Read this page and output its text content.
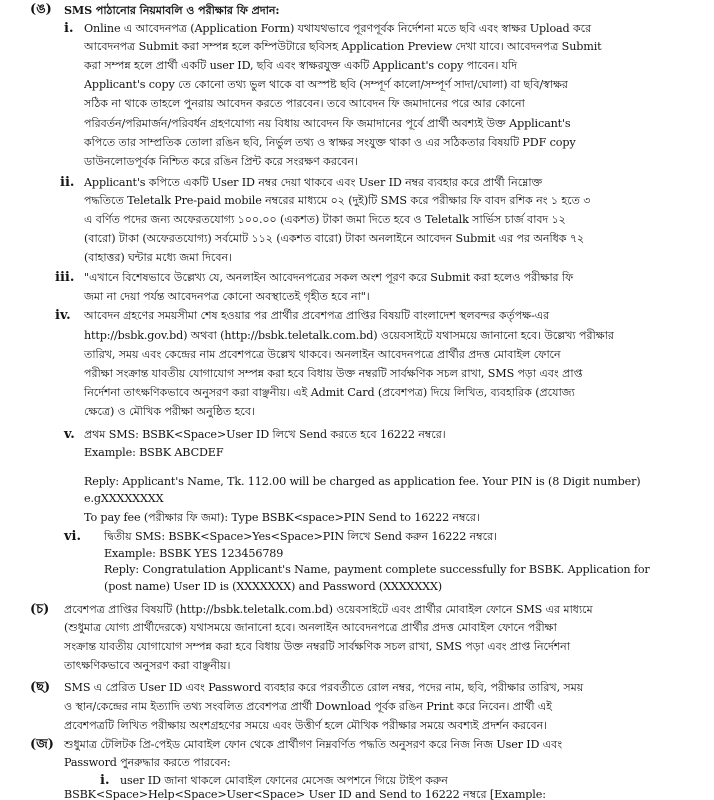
(ঙ) SMS পাঠানোর নিয়মাবলি ও পরীক্ষার ফি প্রদান:
i. Online এ আবেদনপত্র (Application Form) যথাযথভাবে পূরণপূর্বক নির্দেশনা মতে ছবি এবং স্বাক্ষর Upload করে
আবেদনপত্র Submit করা সম্পন্ন হলে কম্পিউটারে ছবিসহ Application Preview দেখা যাবে। আবেদনপত্র Submit
করা সম্পন্ন হলে প্রার্থী একটি user ID, ছবি এবং স্বাক্ষরযুক্ত একটি Applicant's copy পাবেন। যদি
Applicant's copy তে কোনো তথ্য ভুল থাকে বা অস্পষ্ট ছবি (সম্পূর্ণ কালো/সম্পূর্ণ সাদা/ঘোলা) বা ছবি/স্বাক্ষর
সঠিক না থাকে তাহলে পুনরায় আবেদন করতে পারবেন। তবে আবেদন ফি জমাদানের পরে আর কোনো
পরিবর্তন/পরিমার্জন/পরিবর্ধন গ্রহণযোগ্য নয় বিধায় আবেদন ফি জমাদানের পূর্বে প্রার্থী অবশ্যই উক্ত Applicant's
কপিতে তার সাম্প্রতিক তোলা রঙিন ছবি, নির্ভুল তথ্য ও স্বাক্ষর সংযুক্ত থাকা ও এর সঠিকতার বিষয়টি PDF copy
ডাউনলোডপূর্বক নিশ্চিত করে রঙিন প্রিন্ট করে সংরক্ষণ করবেন।
ii. Applicant's কপিতে একটি User ID নম্বর দেয়া থাকবে এবং User ID নম্বর ব্যবহার করে প্রার্থী নিম্নোক্ত
পদ্ধতিতে Teletalk Pre-paid mobile নম্বরের মাধ্যমে ০২ (দুই)টি SMS করে পরীক্ষার ফি বাবদ রশিক নং ১ হতে ৩
এ বর্ণিত পদের জন্য অফেরতযোগ্য ১০০.০০ (একশত) টাকা জমা দিতে হবে ও Teletalk সার্ভিস চার্জ বাবদ ১২
(বারো) টাকা (অফেরতযোগ্য) সর্বমোট ১১২ (একশত বারো) টাকা অনলাইনে আবেদন Submit এর পর অনধিক ৭২
(বাহাত্তর) ঘন্টার মধ্যে জমা দিবেন।
iii. "এখানে বিশেষভাবে উল্লেখ্য যে, অনলাইন আবেদনপত্রের সকল অংশ পূরণ করে Submit করা হলেও পরীক্ষার ফি
জমা না দেয়া পর্যন্ত আবেদনপত্র কোনো অবস্থাতেই গৃহীত হবে না"।
iv. আবেদন গ্রহণের সময়সীমা শেষ হওয়ার পর প্রার্থীর প্রবেশপত্র প্রাপ্তির বিষয়টি বাংলাদেশ স্থলবন্দর কর্তৃপক্ষ-এর
http://bsbk.gov.bd) অথবা (http://bsbk.teletalk.com.bd) ওয়েবসাইটে যথাসময়ে জানানো হবে। উল্লেখ্য পরীক্ষার
তারিখ, সময় এবং কেন্দ্রের নাম প্রবেশপত্রে উল্লেখ থাকবে। অনলাইন আবেদনপত্রে প্রার্থীর প্রদত্ত মোবাইল ফোনে
পরীক্ষা সংক্রান্ত যাবতীয় যোগাযোগ সম্পন্ন করা হবে বিধায় উক্ত নম্বরটি সার্বক্ষণিক সচল রাখা, SMS পড়া এবং প্রাপ্ত
নির্দেশনা তাৎক্ষণিকভাবে অনুসরণ করা বাঞ্ছনীয়। এই Admit Card (প্রবেশপত্র) দিয়ে লিখিত, ব্যবহারিক (প্রযোজ্য
ক্ষেত্রে) ও মৌখিক পরীক্ষা অনুষ্ঠিত হবে।
v. প্রথম SMS: BSBK<Space>User ID লিখে Send করতে হবে 16222 নম্বরে।
Example: BSBK ABCDEF
Reply: Applicant's Name, Tk. 112.00 will be charged as application fee. Your PIN is (8 Digit number)
e.gXXXXXXXX
To pay fee (পরীক্ষার ফি জমা): Type BSBK<space>PIN Send to 16222 নম্বরে।
vi. দ্বিতীয় SMS: BSBK<Space>Yes<Space>PIN লিখে Send করুন 16222 নম্বরে।
Example: BSBK YES 123456789
Reply: Congratulation Applicant's Name, payment complete successfully for BSBK. Application for
(post name) User ID is (XXXXXXX) and Password (XXXXXXX)
(চ) প্রবেশপত্র প্রাপ্তির বিষয়টি (http://bsbk.teletalk.com.bd) ওয়েবসাইটে এবং প্রার্থীর মোবাইল ফোনে SMS এর মাধ্যমে
(শুধুমাত্র যোগ্য প্রার্থীদেরকে) যথাসময়ে জানানো হবে। অনলাইন আবেদনপত্রে প্রার্থীর প্রদত্ত মোবাইল ফোনে পরীক্ষা
সংক্রান্ত যাবতীয় যোগাযোগ সম্পন্ন করা হবে বিধায় উক্ত নম্বরটি সার্বক্ষণিক সচল রাখা, SMS পড়া এবং প্রাপ্ত নির্দেশনা
তাৎক্ষণিকভাবে অনুসরণ করা বাঞ্ছনীয়।
(ছ) SMS এ প্রেরিত User ID এবং Password ব্যবহার করে পরবর্তীতে রোল নম্বর, পদের নাম, ছবি, পরীক্ষার তারিখ, সময়
ও স্থান/কেন্দ্রের নাম ইত্যাদি তথ্য সংবলিত প্রবেশপত্র প্রার্থী Download পূর্বক রঙিন Print করে নিবেন। প্রার্থী এই
প্রবেশপত্রটি লিখিত পরীক্ষায় অংশগ্রহণের সময়ে এবং উত্তীর্ণ হলে মৌখিক পরীক্ষার সময়ে অবশ্যই প্রদর্শন করবেন।
(জ) শুধুমাত্র টেলিটক প্রি-পেইড মোবাইল ফোন থেকে প্রার্থীগণ নিম্নবর্ণিত পদ্ধতি অনুসরণ করে নিজ নিজ User ID এবং
Password পুনরুদ্ধার করতে পারবেন:
i. user ID জানা থাকলে মোবাইল ফোনের মেসেজ অপশনে গিয়ে টাইপ করুন
BSBK<Space>Help<Space>User<Space> User ID and Send to 16222 নম্বরে [Example:
